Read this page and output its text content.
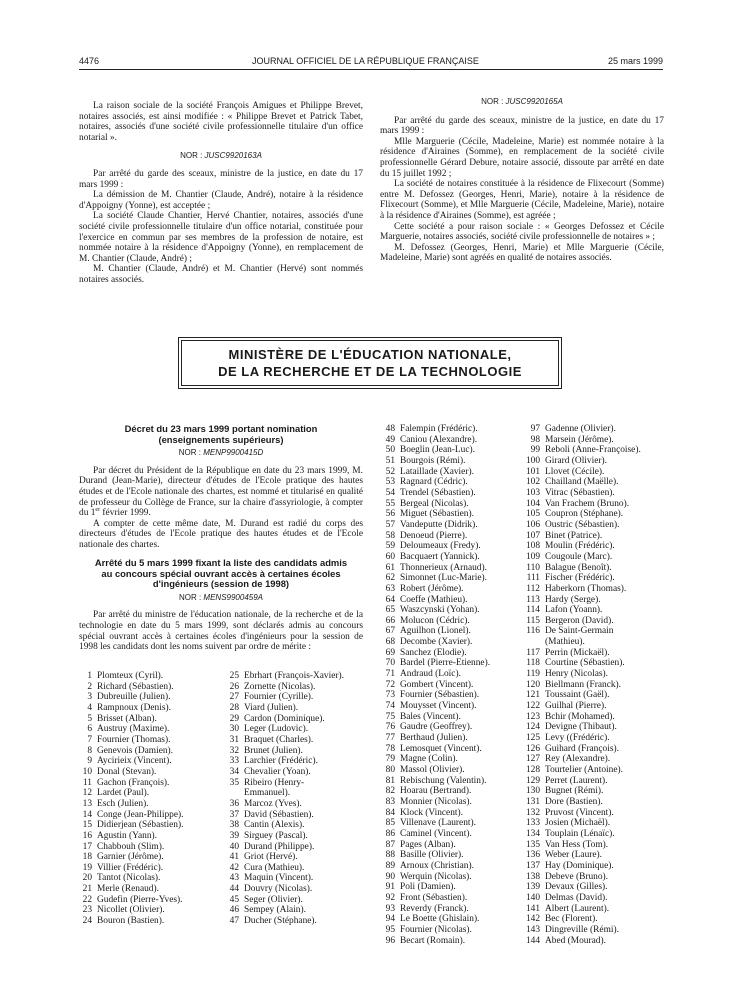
4476	JOURNAL OFFICIEL DE LA RÉPUBLIQUE FRANÇAISE	25 mars 1999

La raison sociale de la société François Amigues et Philippe Brevet, notaires associés, est ainsi modifiée : « Philippe Brevet et Patrick Tabet, notaires, associés d'une société civile professionnelle titulaire d'un office notarial ».

NOR : JUSC9920163A

Par arrêté du garde des sceaux, ministre de la justice, en date du 17 mars 1999 :

La démission de M. Chantier (Claude, André), notaire à la résidence d'Appoigny (Yonne), est acceptée ;

La société Claude Chantier, Hervé Chantier, notaires, associés d'une société civile professionnelle titulaire d'un office notarial, constituée pour l'exercice en commun par ses membres de la profession de notaire, est nommée notaire à la résidence d'Appoigny (Yonne), en remplacement de M. Chantier (Claude, André) ;

M. Chantier (Claude, André) et M. Chantier (Hervé) sont nommés notaires associés.

NOR : JUSC9920165A

Par arrêté du garde des sceaux, ministre de la justice, en date du 17 mars 1999 :

Mlle Marguerie (Cécile, Madeleine, Marie) est nommée notaire à la résidence d'Airaines (Somme), en remplacement de la société civile professionnelle Gérard Debure, notaire associé, dissoute par arrêté en date du 15 juillet 1992 ;

La société de notaires constituée à la résidence de Flixecourt (Somme) entre M. Defossez (Georges, Henri, Marie), notaire à la résidence de Flixecourt (Somme), et Mlle Marguerie (Cécile, Madeleine, Marie), notaire à la résidence d'Airaines (Somme), est agréée ;

Cette société a pour raison sociale : « Georges Defossez et Cécile Marguerie, notaires associés, société civile professionnelle de notaires » ;

M. Defossez (Georges, Henri, Marie) et Mlle Marguerie (Cécile, Madeleine, Marie) sont agréés en qualité de notaires associés.

MINISTÈRE DE L'ÉDUCATION NATIONALE,
DE LA RECHERCHE ET DE LA TECHNOLOGIE
Décret du 23 mars 1999 portant nomination
(enseignements supérieurs)
NOR : MENP9900415D

Par décret du Président de la République en date du 23 mars 1999, M. Durand (Jean-Marie), directeur d'études de l'Ecole pratique des hautes études et de l'Ecole nationale des chartes, est nommé et titularisé en qualité de professeur du Collège de France, sur la chaire d'assyriologie, à compter du 1er février 1999.

A compter de cette même date, M. Durand est radié du corps des directeurs d'études de l'Ecole pratique des hautes études et de l'Ecole nationale des chartes.

Arrêté du 5 mars 1999 fixant la liste des candidats admis
au concours spécial ouvrant accès à certaines écoles
d'ingénieurs (session de 1998)
NOR : MENS9900459A

Par arrêté du ministre de l'éducation nationale, de la recherche et de la technologie en date du 5 mars 1999, sont déclarés admis au concours spécial ouvrant accès à certaines écoles d'ingénieurs pour la session de 1998 les candidats dont les noms suivent par ordre de mérite :

1 Plomteux (Cyril).
2 Richard (Sébastien).
3 Dubreuille (Julien).
4 Rampnoux (Denis).
5 Brisset (Alban).
6 Austruy (Maxime).
7 Fournier (Thomas).
8 Genevois (Damien).
9 Aycirieix (Vincent).
10 Donal (Stevan).
11 Gachon (François).
12 Lardet (Paul).
13 Esch (Julien).
14 Conge (Jean-Philippe).
15 Didierjean (Sébastien).
16 Agustin (Yann).
17 Chabbouh (Slim).
18 Garnier (Jérôme).
19 Villier (Frédéric).
20 Tantot (Nicolas).
21 Merle (Renaud).
22 Gudefin (Pierre-Yves).
23 Nicollet (Olivier).
24 Bouron (Bastien).
25 Ebrhart (François-Xavier).
26 Zornette (Nicolas).
27 Fournier (Cyrille).
28 Viard (Julien).
29 Cardon (Dominique).
30 Leger (Ludovic).
31 Braquet (Charles).
32 Brunet (Julien).
33 Larchier (Frédéric).
34 Chevalier (Yoan).
35 Ribeiro (Henry-
Emmanuel).
36 Marcoz (Yves).
37 David (Sébastien).
38 Cantin (Alexis).
39 Sirguey (Pascal).
40 Durand (Philippe).
41 Griot (Hervé).
42 Cura (Mathieu).
43 Maquin (Vincent).
44 Douvry (Nicolas).
45 Seger (Olivier).
46 Sempey (Alain).
47 Ducher (Stéphane).
48 Falempin (Frédéric).
49 Caniou (Alexandre).
50 Boeglin (Jean-Luc).
51 Bourgois (Rémi).
52 Lataillade (Xavier).
53 Ragnard (Cédric).
54 Trendel (Sébastien).
55 Bergeal (Nicolas).
56 Miguet (Sébastien).
57 Vandeputte (Didrik).
58 Denoeud (Pierre).
59 Deloumeaux (Fredy).
60 Bacquaert (Yannick).
61 Thonnerieux (Arnaud).
62 Simonnet (Luc-Marie).
63 Robert (Jérôme).
64 Coeffe (Mathieu).
65 Waszcynski (Yohan).
66 Molucon (Cédric).
67 Aguilhon (Lionel).
68 Decombe (Xavier).
69 Sanchez (Elodie).
70 Bardel (Pierre-Etienne).
71 Andraud (Loïc).
72 Gombert (Vincent).
73 Fournier (Sébastien).
74 Mouysset (Vincent).
75 Bales (Vincent).
76 Gaudre (Geoffrey).
77 Berthaud (Julien).
78 Lemosquet (Vincent).
79 Magne (Colin).
80 Massol (Olivier).
81 Rebischung (Valentin).
82 Hoarau (Bertrand).
83 Monnier (Nicolas).
84 Klock (Vincent).
85 Villenave (Laurent).
86 Caminel (Vincent).
87 Pages (Alban).
88 Basille (Olivier).
89 Arnoux (Christian).
90 Werquin (Nicolas).
91 Poli (Damien).
92 Front (Sébastien).
93 Reverdy (Franck).
94 Le Boette (Ghislain).
95 Fournier (Nicolas).
96 Becart (Romain).
97 Gadenne (Olivier).
98 Marsein (Jérôme).
99 Reboli (Anne-Françoise).
100 Girard (Olivier).
101 Llovet (Cécile).
102 Chailland (Maëlle).
103 Vitrac (Sébastien).
104 Van Frachem (Bruno).
105 Coupron (Stéphane).
106 Oustric (Sébastien).
107 Binet (Patrice).
108 Moulin (Frédéric).
109 Cougoule (Marc).
110 Balague (Benoît).
111 Fischer (Frédéric).
112 Haberkorn (Thomas).
113 Hardy (Serge).
114 Lafon (Yoann).
115 Bergeron (David).
116 De Saint-Germain
(Mathieu).
117 Perrin (Mickaël).
118 Courtine (Sébastien).
119 Henry (Nicolas).
120 Biellmann (Franck).
121 Toussaint (Gaël).
122 Guilhal (Pierre).
123 Bchir (Mohamed).
124 Devigne (Thibaut).
125 Levy ((Frédéric).
126 Guihard (François).
127 Rey (Alexandre).
128 Tourtelier (Antoine).
129 Perret (Laurent).
130 Bugnet (Rémi).
131 Dore (Bastien).
132 Pruvost (Vincent).
133 Josien (Michaël).
134 Touplain (Lénaïc).
135 Van Hess (Tom).
136 Weber (Laure).
137 Hay (Dominique).
138 Debeve (Bruno).
139 Devaux (Gilles).
140 Delmas (David).
141 Albert (Laurent).
142 Bec (Florent).
143 Dingreville (Rémi).
144 Abed (Mourad).
